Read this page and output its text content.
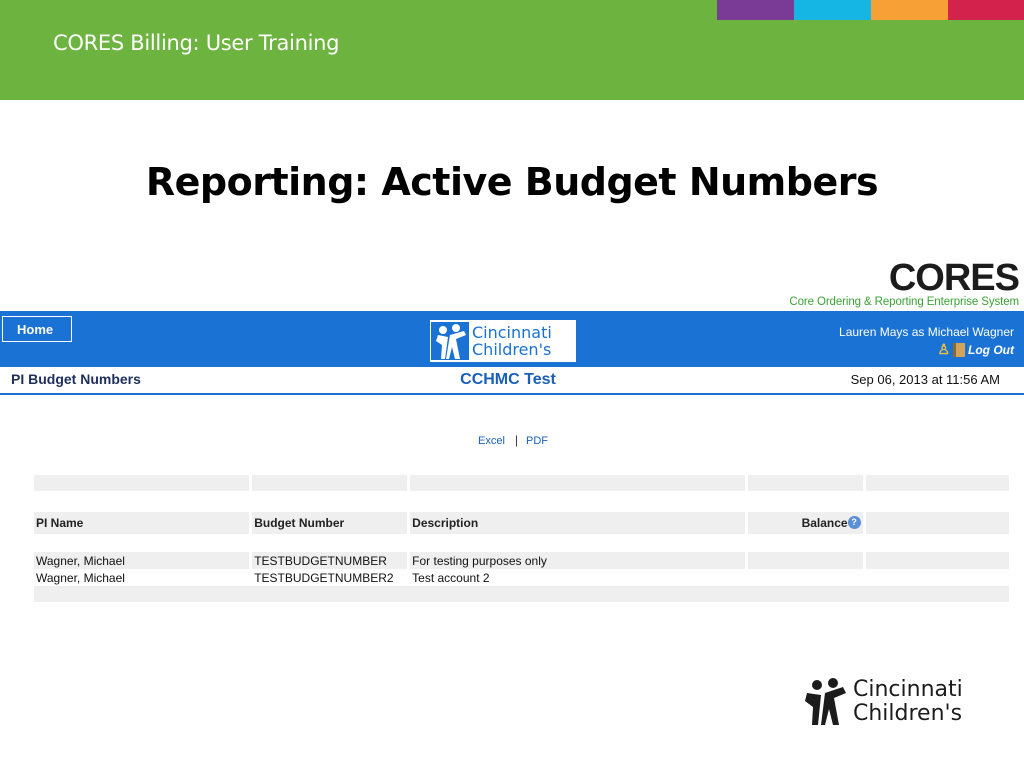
CORES Billing: User Training
Reporting: Active Budget Numbers
CORES
Core Ordering & Reporting Enterprise System
Home	Cincinnati
Children's
Lauren Mays as Michael Wagner
♙ Log Out
PI Budget Numbers	CCHMC Test	Sep 06, 2013 at 11:56 AM
Excel | PDF

PI Name	Budget Number	Description	Balance ?	

Wagner, Michael	TESTBUDGETNUMBER	For testing purposes only		
Wagner, Michael	TESTBUDGETNUMBER2	Test account 2		

Cincinnati
Children's
